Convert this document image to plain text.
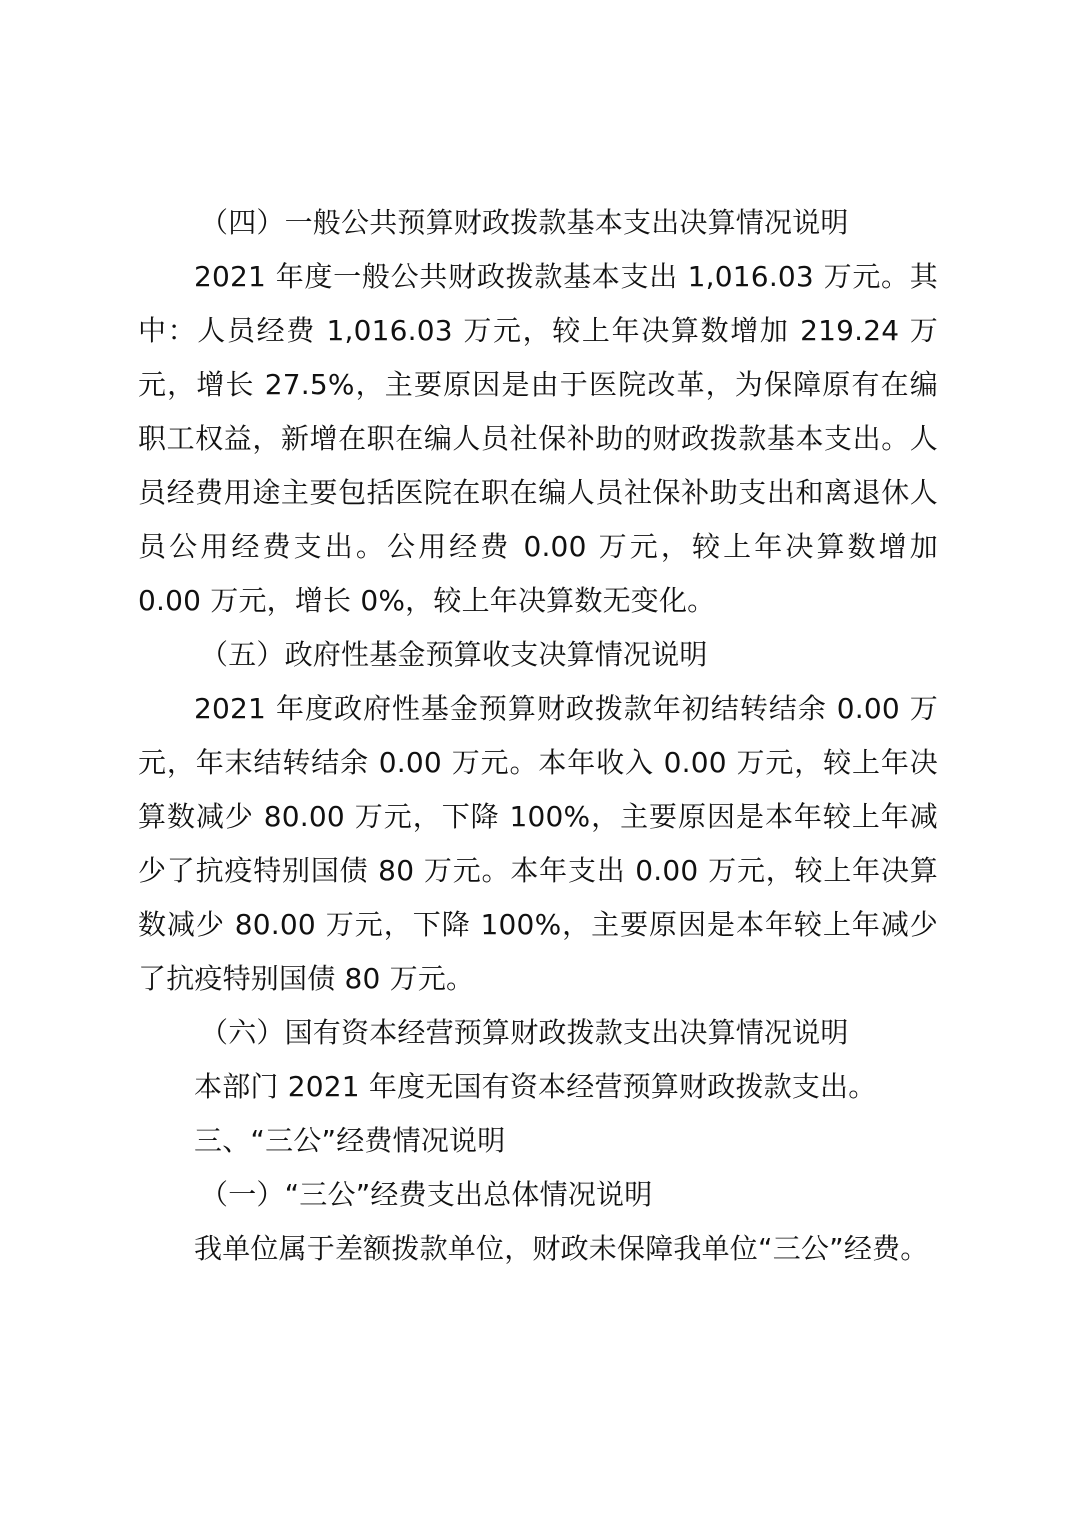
（四）一般公共预算财政拨款基本支出决算情况说明

2021 年度一般公共财政拨款基本支出 1,016.03 万元。其中：人员经费 1,016.03 万元，较上年决算数增加 219.24 万元，增长 27.5%，主要原因是由于医院改革，为保障原有在编职工权益，新增在职在编人员社保补助的财政拨款基本支出。人员经费用途主要包括医院在职在编人员社保补助支出和离退休人员公用经费支出。公用经费 0.00 万元，较上年决算数增加 0.00 万元，增长 0%，较上年决算数无变化。

（五）政府性基金预算收支决算情况说明

2021 年度政府性基金预算财政拨款年初结转结余 0.00 万元，年末结转结余 0.00 万元。本年收入 0.00 万元，较上年决算数减少 80.00 万元，下降 100%，主要原因是本年较上年减少了抗疫特别国债 80 万元。本年支出 0.00 万元，较上年决算数减少 80.00 万元，下降 100%，主要原因是本年较上年减少了抗疫特别国债 80 万元。

（六）国有资本经营预算财政拨款支出决算情况说明

本部门 2021 年度无国有资本经营预算财政拨款支出。

三、“三公”经费情况说明

（一）“三公”经费支出总体情况说明

我单位属于差额拨款单位，财政未保障我单位“三公”经费。
